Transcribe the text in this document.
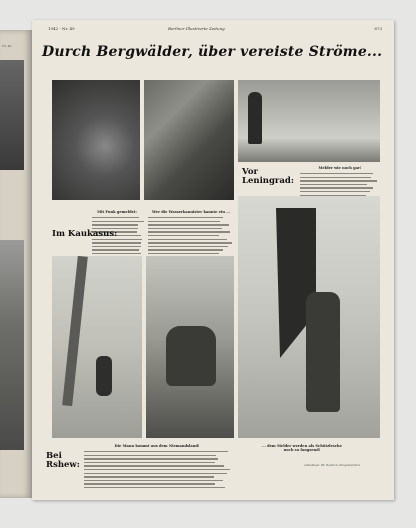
Nr. 49
1942 · Nr. 49	Berliner Illustrierte Zeitung	673
Durch Bergwälder, über vereiste Ströme...
Mit Funk gemeldet:	Wer die Wasserkannister kannte ein ...
Melder wie noch gar!
Im Kaukasus:
Vor Leningrad:
Bei Rshew:
Die Mann kommt aus dem Niemandsland!	... dem Melder werden als Schützlesche noch so fangsend!
Aufnahmen: PK. Heinrich, Kriegsberichter
